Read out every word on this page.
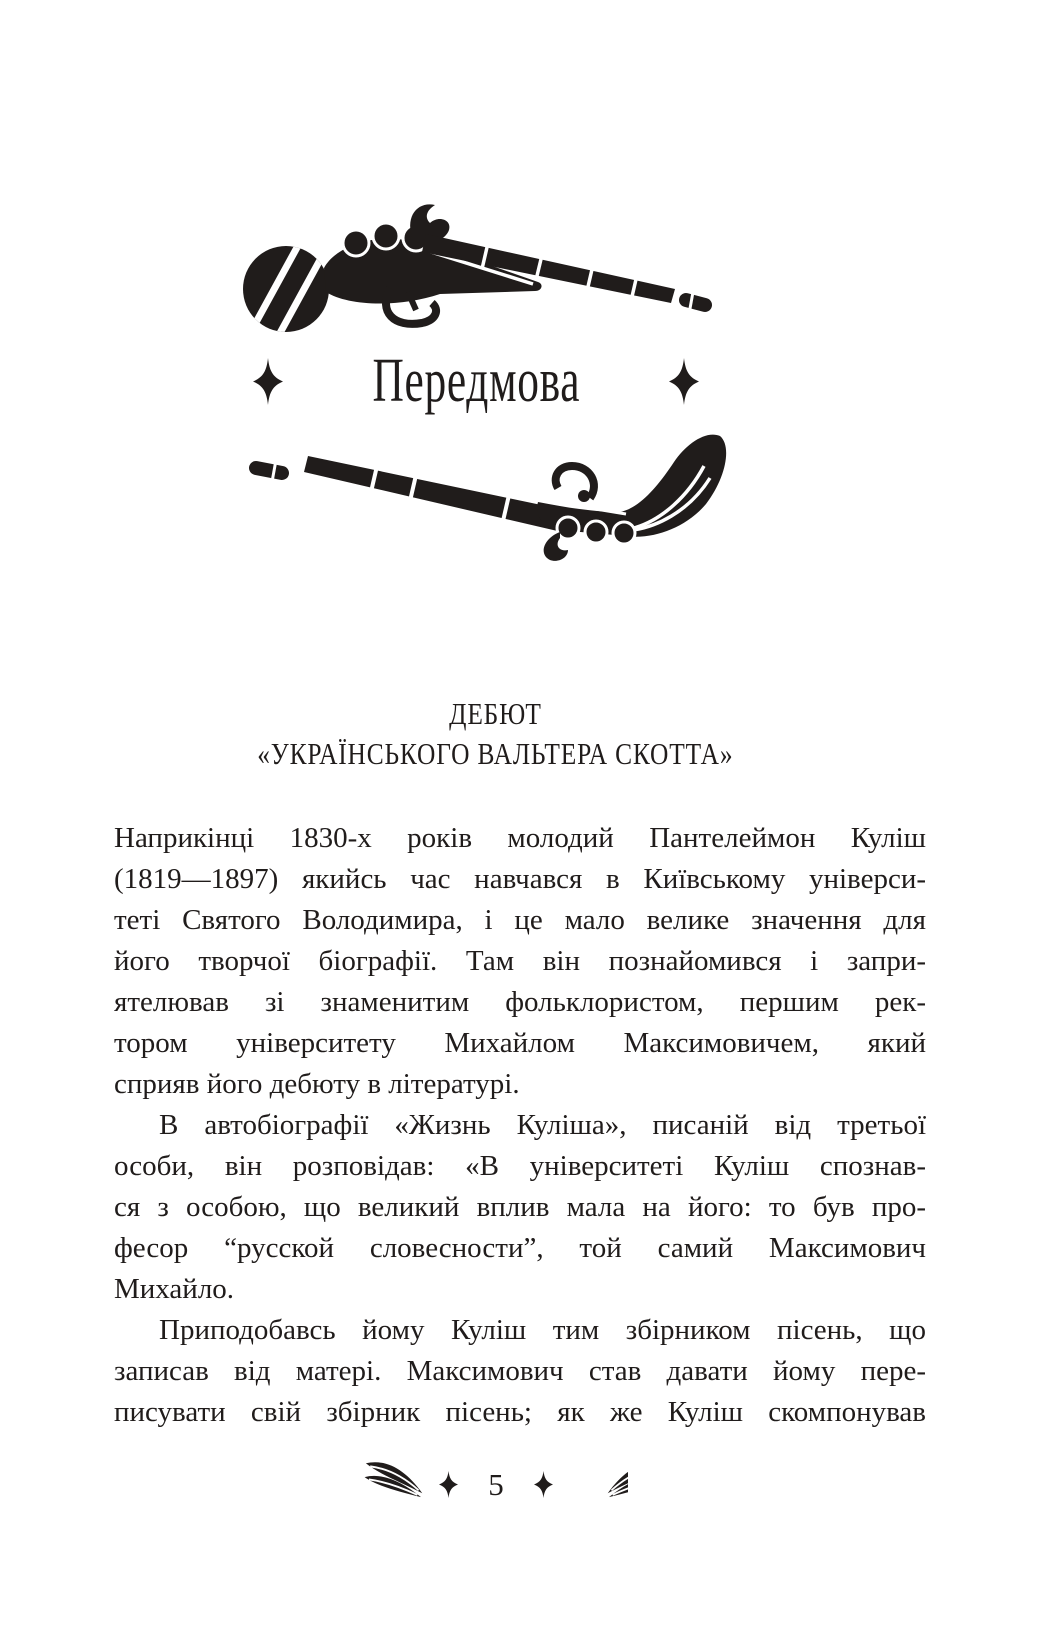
Передмова
ДЕБЮТ
«УКРАЇНСЬКОГО ВАЛЬТЕРА СКОТТА»
Наприкінці 1830-х років молодий Пантелеймон Куліш
(1819—1897) якийсь час навчався в Київському універси-
теті Святого Володимира, і це мало велике значення для
його творчої біографії. Там він познайомився і запри-
ятелював зі знаменитим фольклористом, першим рек-
тором університету Михайлом Максимовичем, який
сприяв його дебюту в літературі.
В автобіографії «Жизнь Куліша», писаній від третьої
особи, він розповідав: «В університеті Куліш спознав-
ся з особою, що великий вплив мала на його: то був про-
фесор “русской словесности”, той самий Максимович
Михайло.
Приподобавсь йому Куліш тим збірником пісень, що
записав від матері. Максимович став давати йому пере-
писувати свій збірник пісень; як же Куліш скомпонував
5
